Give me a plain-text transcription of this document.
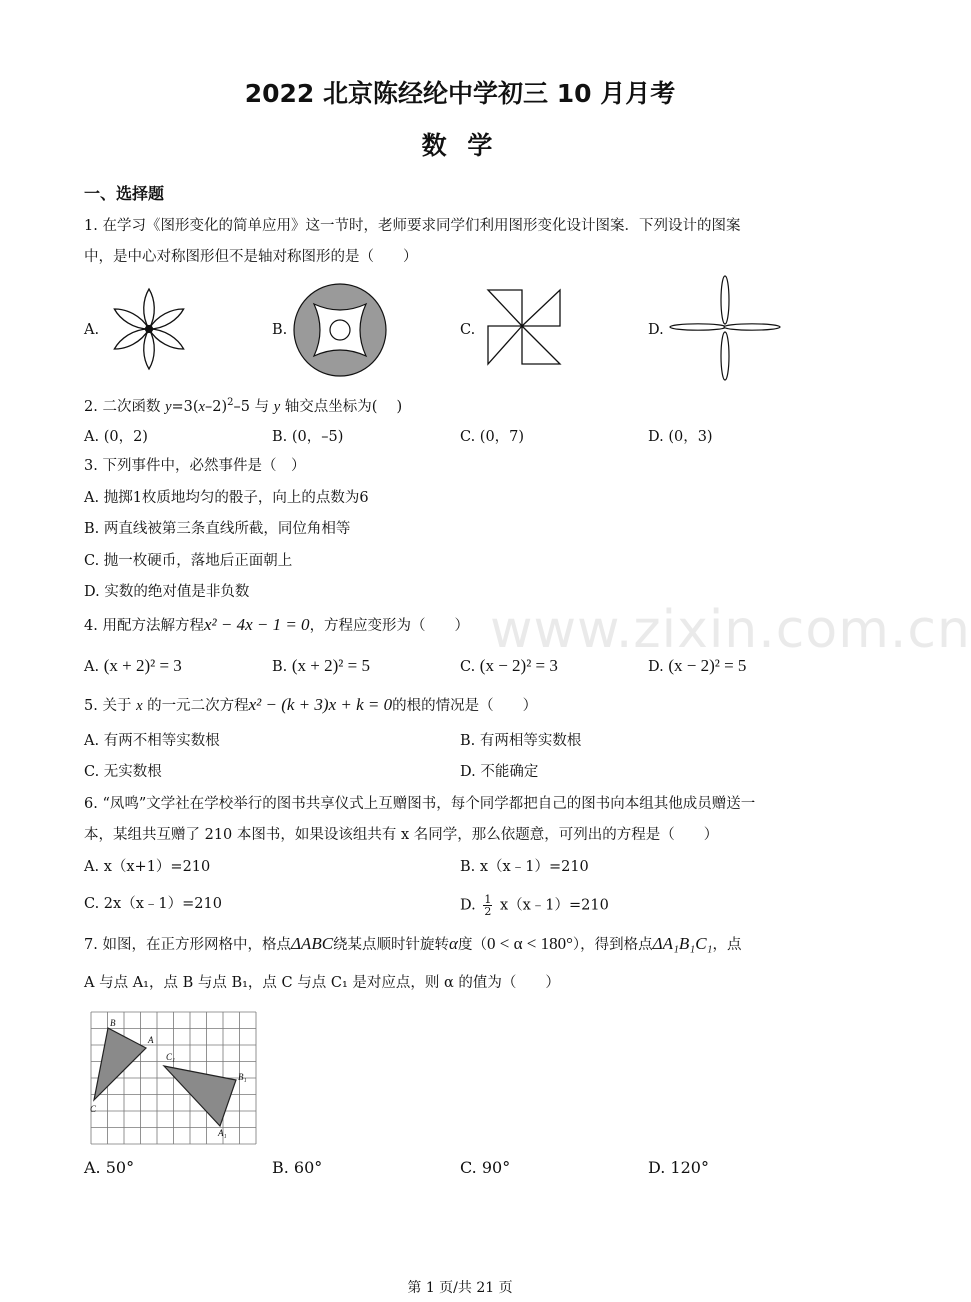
www.zixin.com.cn
2022 北京陈经纶中学初三 10 月月考
数 学
一、选择题
1. 在学习《图形变化的简单应用》这一节时，老师要求同学们利用图形变化设计图案．下列设计的图案
中，是中心对称图形但不是轴对称图形的是（　　）
A.	B.	C.	D.
2. 二次函数 $y=3(x-2)^2-5$ 与 y 轴交点坐标为(　 )
A. (0，2)	B. (0，–5)	C. (0，7)	D. (0，3)
3. 下列事件中，必然事件是（　）
A. 抛掷1枚质地均匀的骰子，向上的点数为6
B. 两直线被第三条直线所截，同位角相等
C. 抛一枚硬币，落地后正面朝上
D. 实数的绝对值是非负数
4. 用配方法解方程x² − 4x − 1 = 0，方程应变形为（　　）
A. (x + 2)² = 3	B. (x + 2)² = 5	C. (x − 2)² = 3	D. (x − 2)² = 5
5. 关于 x 的一元二次方程x² − (k + 3)x + k = 0的根的情况是（　　）
A. 有两不相等实数根	B. 有两相等实数根
C. 无实数根	D. 不能确定
6. “凤鸣”文学社在学校举行的图书共享仪式上互赠图书，每个同学都把自己的图书向本组其他成员赠送一
本，某组共互赠了 210 本图书，如果设该组共有 x 名同学，那么依题意，可列出的方程是（　　）
A. x（x+1）=210	B. x（x﹣1）=210
C. 2x（x﹣1）=210	D. $\frac{1}{2}$ x（x﹣1）=210
7. 如图，在正方形网格中，格点ΔABC绕某点顺时针旋转α度（0 < α < 180°），得到格点ΔA₁B₁C₁，点
A 与点 A₁，点 B 与点 B₁，点 C 与点 C₁ 是对应点，则 α 的值为（　　）
B
A
C
C₁
B₁
A₁
A. 50°	B. 60°	C. 90°	D. 120°
第 1 页/共 21 页
